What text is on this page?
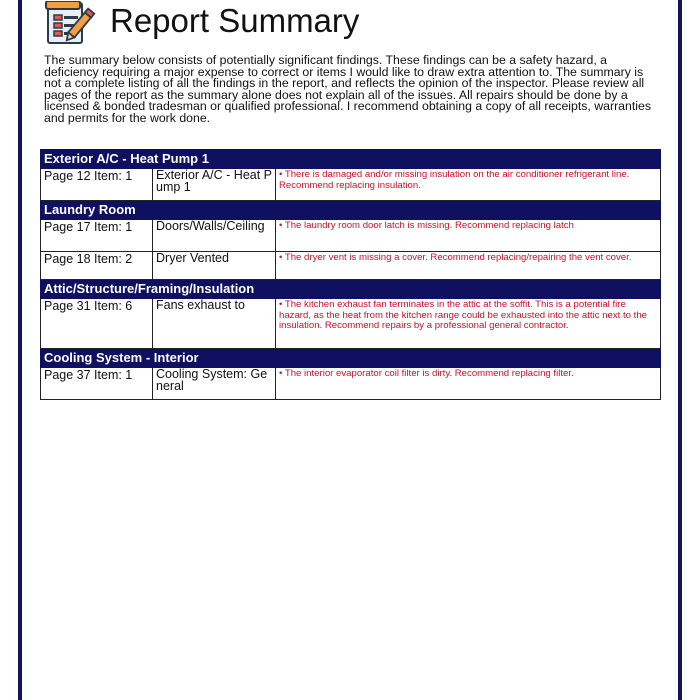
Report Summary
The summary below consists of potentially significant findings. These findings can be a safety hazard, a deficiency requiring a major expense to correct or items I would like to draw extra attention to. The summary is not a complete listing of all the findings in the report, and reflects the opinion of the inspector. Please review all pages of the report as the summary alone does not explain all of the issues. All repairs should be done by a licensed & bonded tradesman or qualified professional. I recommend obtaining a copy of all receipts, warranties and permits for the work done.
Exterior A/C - Heat Pump 1		
Page 12 Item: 1	Exterior A/C - Heat Pump 1	• There is damaged and/or missing insulation on the air conditioner refrigerant line. Recommend replacing insulation.
Laundry Room		
Page 17 Item: 1	Doors/Walls/Ceiling	• The laundry room door latch is missing. Recommend replacing latch
Page 18 Item: 2	Dryer Vented	• The dryer vent is missing a cover. Recommend replacing/repairing the vent cover.
Attic/Structure/Framing/Insulation		
Page 31 Item: 6	Fans exhaust to	• The kitchen exhaust fan terminates in the attic at the soffit. This is a potential fire hazard, as the heat from the kitchen range could be exhausted into the attic next to the insulation. Recommend repairs by a professional general contractor.
Cooling System - Interior		
Page 37 Item: 1	Cooling System: General	• The interior evaporator coil filter is dirty. Recommend replacing filter.
